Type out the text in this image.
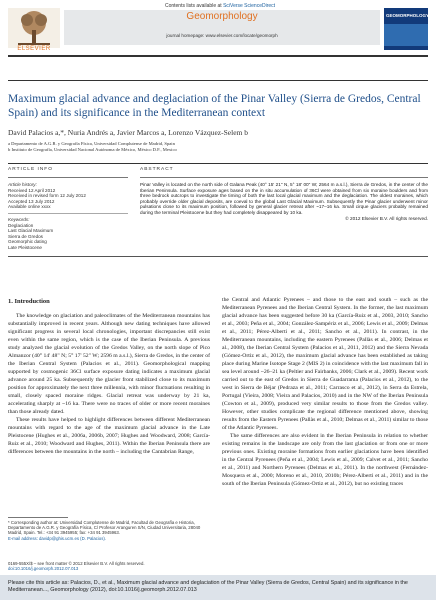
Contents lists available at SciVerse ScienceDirect
Geomorphology
journal homepage: www.elsevier.com/locate/geomorph
ELSEVIER
GEOMORPHOLOGY
Maximum glacial advance and deglaciation of the Pinar Valley (Sierra de Gredos, Central Spain) and its significance in the Mediterranean context
David Palacios a,*, Nuria Andrés a, Javier Marcos a, Lorenzo Vázquez-Selem b
a Departamento de A.G.R. y Geografía Física, Universidad Complutense de Madrid, Spain
b Instituto de Geografía, Universidad Nacional Autónoma de México, México D.F., Mexico
ARTICLE INFO
Article history:
Received 12 April 2012
Received in revised form 12 July 2012
Accepted 13 July 2012
Available online xxxx
Keywords:
Deglaciation
Last Glacial Maximum
Sierra de Gredos
Geomorphic dating
Late Pleistocene
ABSTRACT
Pinar Valley is located on the north side of Galana Peak (40° 15' 21" N, 5° 18' 00" W; 2564 m a.s.l.), Sierra de Gredos, in the center of the Iberian Peninsula. Surface exposure ages based on the in situ accumulation of 36Cl were obtained from six moraine boulders and from three bedrock outcrops to investigate the timing of both the last local glacial maximum and the deglaciation. The oldest moraines, which probably override older glacial deposits, are coeval to the global Last Glacial Maximum. Subsequently the Pinar glacier underwent minor pulsations close to its maximum position, followed by general glacier retreat after ~17–16 ka. Small cirque glaciers probably remained during the terminal Pleistocene but they had completely disappeared by 10 ka.
© 2012 Elsevier B.V. All rights reserved.
1. Introduction

The knowledge on glaciation and paleoclimates of the Mediterranean mountains has substantially improved in recent years. Although new dating techniques have allowed significant progress in several local chronologies, important discrepancies still exist even within the same region, which is the case of the Iberian Peninsula. A previous study analyzed the glacial evolution of the Gredos Valley, on the north slope of Pico Almanzor (40° 14' 48" N; 5° 17' 52" W; 2596 m a.s.l.), Sierra de Gredos, in the center of the Iberian Central System (Palacios et al., 2011). Geomorphological mapping supported by cosmogenic 36Cl surface exposure dating indicates a maximum glacial advance around 25 ka. Subsequently the glacier front stabilized close to its maximum position for approximately the next three millennia, with minor fluctuations resulting in small, closely spaced moraine ridges. Glacial retreat was underway by 21 ka, accelerating sharply at ~16 ka. There were no traces of older or more recent moraines than those already dated.

These results have helped to highlight differences between different Mediterranean mountains with regard to the age of the maximum glacial advance in the Late Pleistocene (Hughes et al., 2006a, 2006b, 2007; Hughes and Woodward, 2008; García-Ruiz et al., 2010; Woodward and Hughes, 2011). Within the Iberian Peninsula there are differences between the mountains in the north – including the Cantabrian Range,

the Central and Atlantic Pyrenees – and those to the east and south – such as the Mediterranean Pyrenees and the Iberian Central System. In the former, the last maximum glacial advance has been suggested before 30 ka (García-Ruiz et al., 2003, 2010; Sancho et al., 2003; Peña et al., 2004; González-Sampériz et al., 2006; Lewis et al., 2009; Delmas et al., 2011; Pérez-Alberti et al., 2011; Sancho et al., 2011). In contrast, in the Mediterranean mountains, including the eastern Pyrenees (Pallàs et al., 2006; Delmas et al., 2008), the Iberian Central System (Palacios et al., 2011, 2012) and the Sierra Nevada (Gómez-Ortiz et al., 2012), the maximum glacial advance has been established as taking place during Marine Isotope Stage 2 (MIS 2) in coincidence with the last maximum fall in sea level around ~26–21 ka (Peltier and Fairbanks, 2006; Clark et al., 2009). Recent work carried out to the east of Gredos in Sierra de Guadarrama (Palacios et al., 2012), to the west in Sierra de Béjar (Pedraza et al., 2011; Carrasco et al., 2012), in Serra da Estrela, Portugal (Vieira, 2008; Vieira and Palacios, 2010) and in the NW of the Iberian Peninsula (Cowton et al., 2009), produced very similar results to those from the Gredos valley. However, other studies complicate the regional difference mentioned above, showing results from the Eastern Pyrenees (Pallàs et al., 2010; Delmas et al., 2011) similar to those of the Atlantic Pyrenees.

The same differences are also evident in the Iberian Peninsula in relation to whether existing remains in the landscape are only from the last glaciation or from one or more previous ones. Existing moraine formations from earlier glaciations have been identified in the Central Pyrenees (Peña et al., 2004; Lewis et al., 2009; Calvet et al., 2011; Sancho et al., 2011) and Northern Pyrenees (Delmas et al., 2011). In the northwest (Fernández-Mosquera et al., 2000; Moreno et al., 2010, 2010b; Pérez-Alberti et al., 2011) and in the south of the Iberian Peninsula (Gómez-Ortiz et al., 2012), but no existing traces

* Corresponding author at: Universidad Complutense de Madrid, Facultad de Geografía e Historia, Departamento de A.G.R. y Geografía Física, C/ Profesor Aranguren S/N, Ciudad Universitaria, 28040 Madrid, Spain. Tel.: +34 91 3945955; fax: +34 91 3945963.
E-mail address: davidp@ghis.ucm.es (D. Palacios).
0169-555X/$ – see front matter © 2012 Elsevier B.V. All rights reserved.
doi:10.1016/j.geomorph.2012.07.013
Please cite this article as: Palacios, D., et al., Maximum glacial advance and deglaciation of the Pinar Valley (Sierra de Gredos, Central Spain) and its significance in the Mediterranean..., Geomorphology (2012), doi:10.1016/j.geomorph.2012.07.013
